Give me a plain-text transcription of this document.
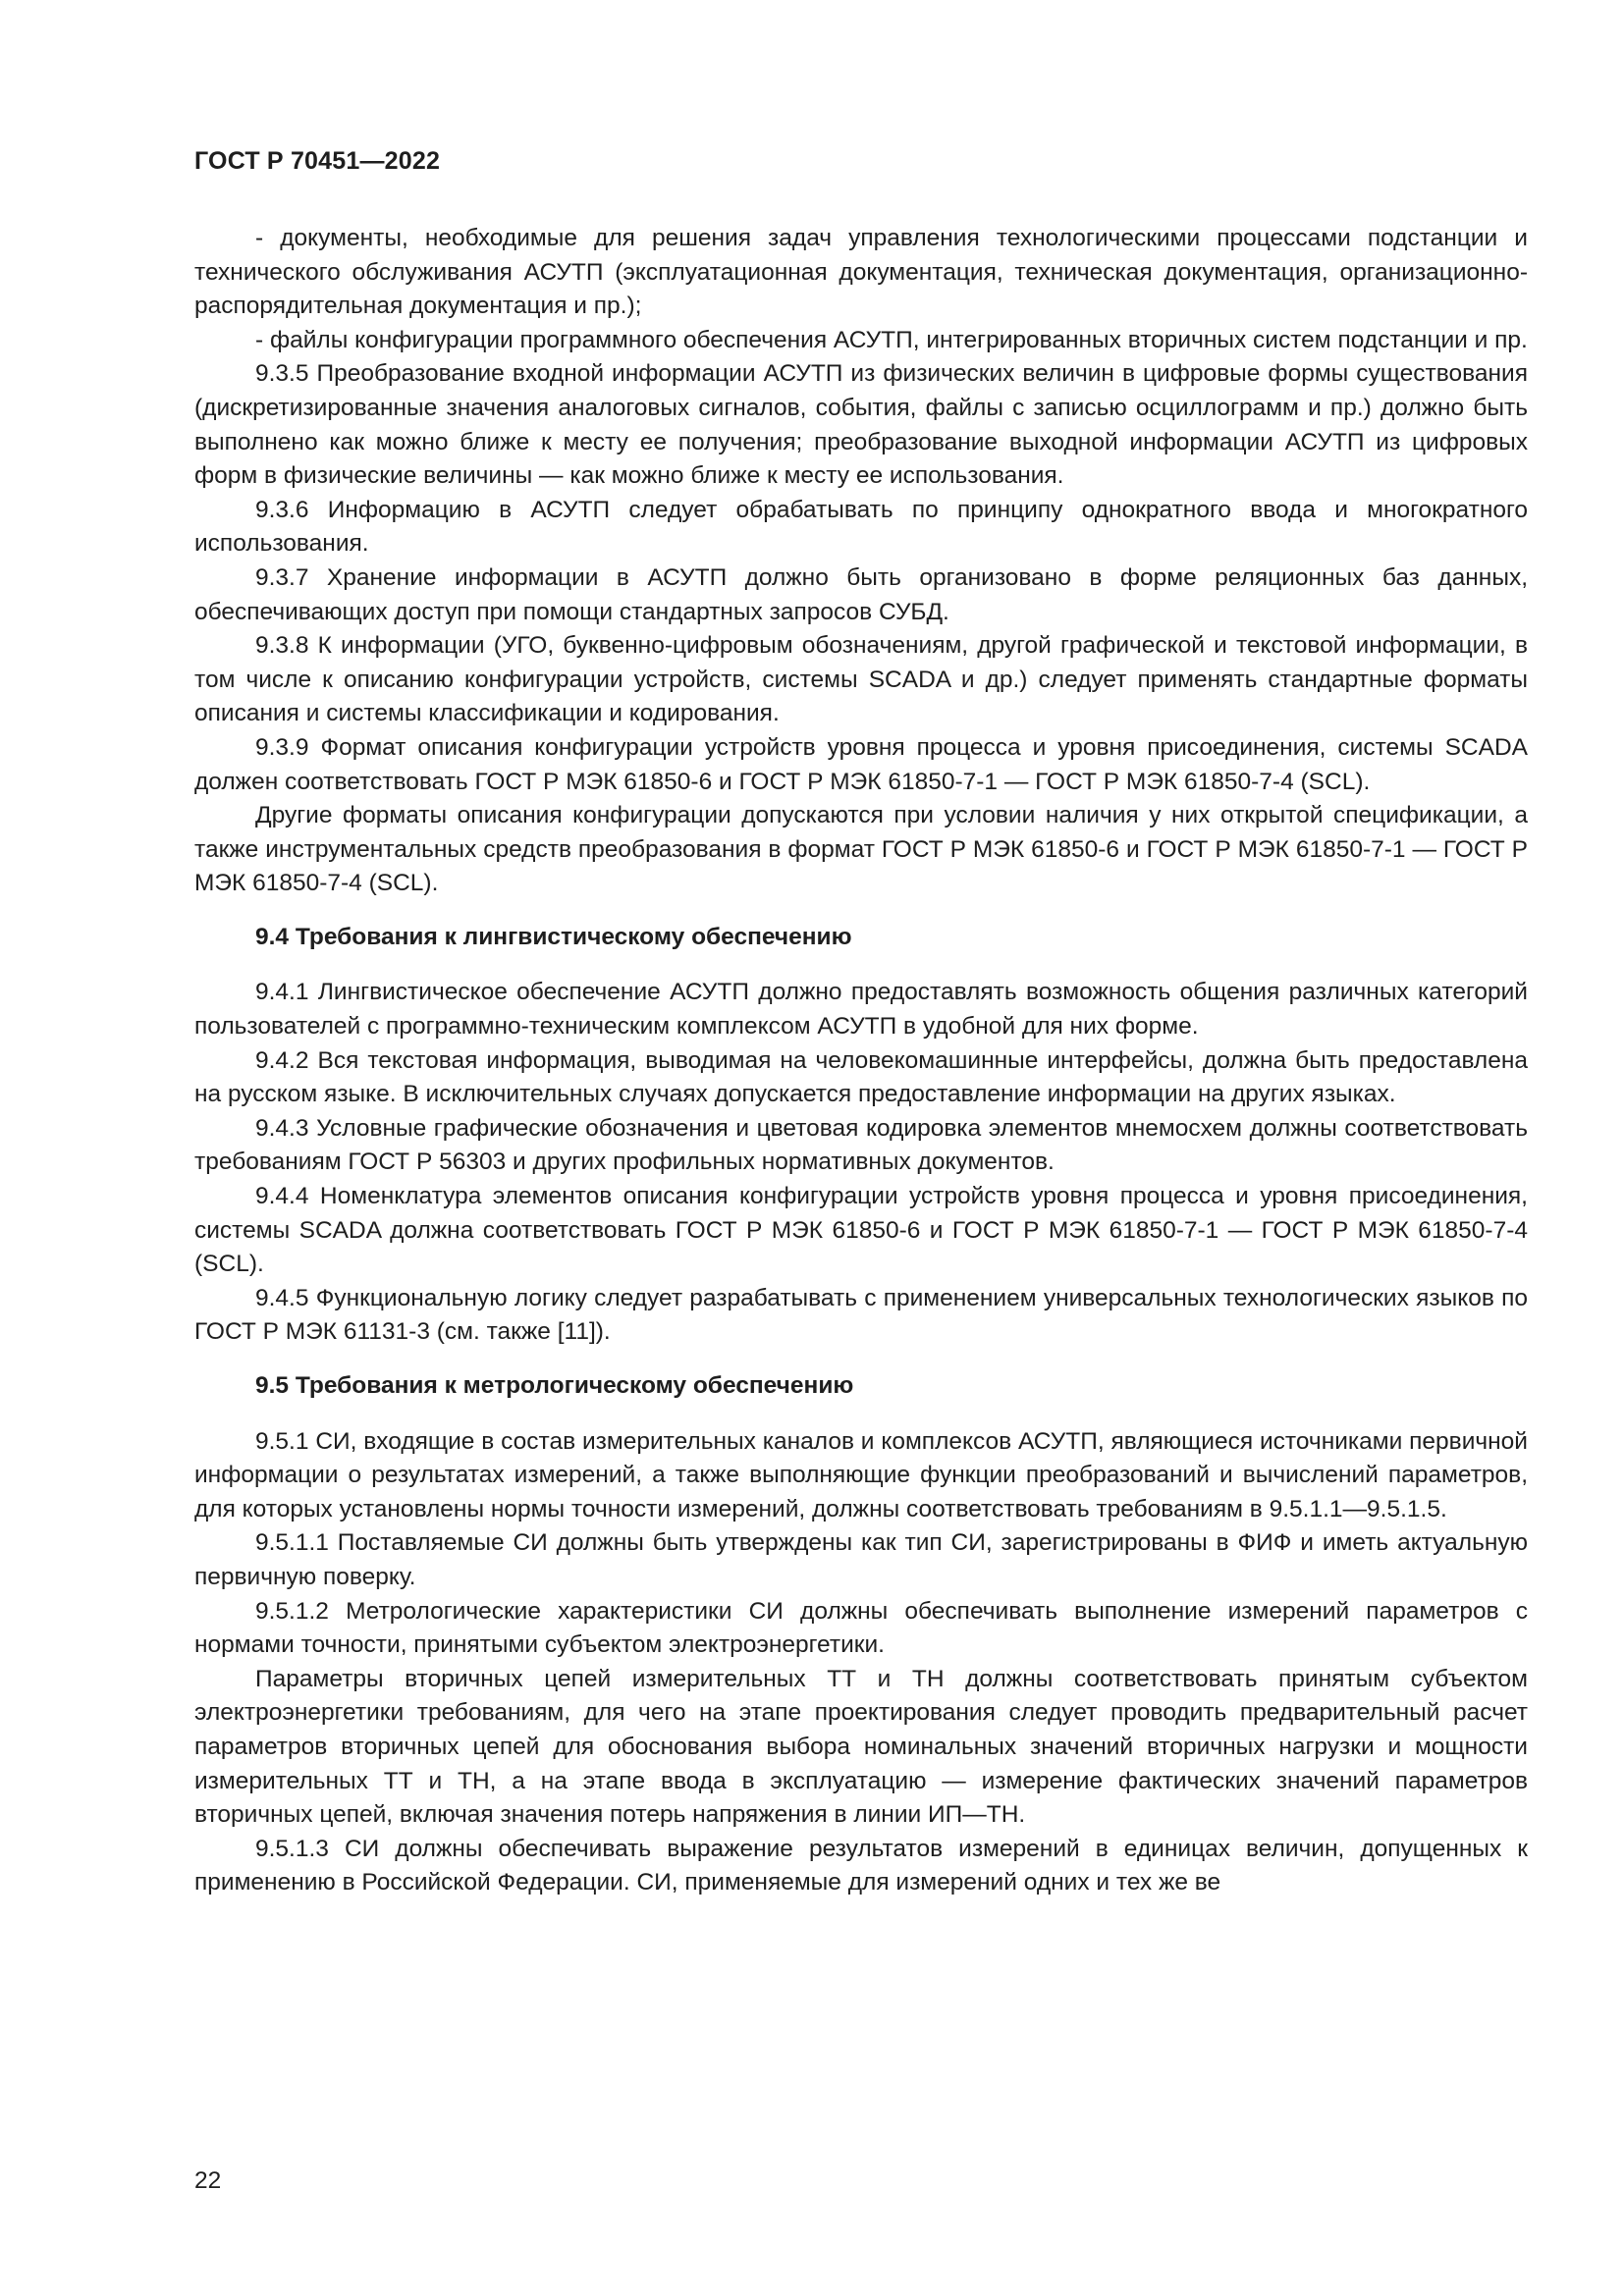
ГОСТ Р 70451—2022

- документы, необходимые для решения задач управления технологическими процессами подстанции и технического обслуживания АСУТП (эксплуатационная документация, техническая документация, организационно-распорядительная документация и пр.);

- файлы конфигурации программного обеспечения АСУТП, интегрированных вторичных систем подстанции и пр.

9.3.5 Преобразование входной информации АСУТП из физических величин в цифровые формы существования (дискретизированные значения аналоговых сигналов, события, файлы с записью осциллограмм и пр.) должно быть выполнено как можно ближе к месту ее получения; преобразование выходной информации АСУТП из цифровых форм в физические величины — как можно ближе к месту ее использования.

9.3.6 Информацию в АСУТП следует обрабатывать по принципу однократного ввода и многократного использования.

9.3.7 Хранение информации в АСУТП должно быть организовано в форме реляционных баз данных, обеспечивающих доступ при помощи стандартных запросов СУБД.

9.3.8 К информации (УГО, буквенно-цифровым обозначениям, другой графической и текстовой информации, в том числе к описанию конфигурации устройств, системы SCADA и др.) следует применять стандартные форматы описания и системы классификации и кодирования.

9.3.9 Формат описания конфигурации устройств уровня процесса и уровня присоединения, системы SCADA должен соответствовать ГОСТ Р МЭК 61850-6 и ГОСТ Р МЭК 61850-7-1 — ГОСТ Р МЭК 61850-7-4 (SCL).

Другие форматы описания конфигурации допускаются при условии наличия у них открытой спецификации, а также инструментальных средств преобразования в формат ГОСТ Р МЭК 61850-6 и ГОСТ Р МЭК 61850-7-1 — ГОСТ Р МЭК 61850-7-4 (SCL).

9.4 Требования к лингвистическому обеспечению

9.4.1 Лингвистическое обеспечение АСУТП должно предоставлять возможность общения различных категорий пользователей с программно-техническим комплексом АСУТП в удобной для них форме.

9.4.2 Вся текстовая информация, выводимая на человекомашинные интерфейсы, должна быть предоставлена на русском языке. В исключительных случаях допускается предоставление информации на других языках.

9.4.3 Условные графические обозначения и цветовая кодировка элементов мнемосхем должны соответствовать требованиям ГОСТ Р 56303 и других профильных нормативных документов.

9.4.4 Номенклатура элементов описания конфигурации устройств уровня процесса и уровня присоединения, системы SCADA должна соответствовать ГОСТ Р МЭК 61850-6 и ГОСТ Р МЭК 61850-7-1 — ГОСТ Р МЭК 61850-7-4 (SCL).

9.4.5 Функциональную логику следует разрабатывать с применением универсальных технологических языков по ГОСТ Р МЭК 61131-3 (см. также [11]).

9.5 Требования к метрологическому обеспечению

9.5.1 СИ, входящие в состав измерительных каналов и комплексов АСУТП, являющиеся источниками первичной информации о результатах измерений, а также выполняющие функции преобразований и вычислений параметров, для которых установлены нормы точности измерений, должны соответствовать требованиям в 9.5.1.1—9.5.1.5.

9.5.1.1 Поставляемые СИ должны быть утверждены как тип СИ, зарегистрированы в ФИФ и иметь актуальную первичную поверку.

9.5.1.2 Метрологические характеристики СИ должны обеспечивать выполнение измерений параметров с нормами точности, принятыми субъектом электроэнергетики.

Параметры вторичных цепей измерительных ТТ и ТН должны соответствовать принятым субъектом электроэнергетики требованиям, для чего на этапе проектирования следует проводить предварительный расчет параметров вторичных цепей для обоснования выбора номинальных значений вторичных нагрузки и мощности измерительных ТТ и ТН, а на этапе ввода в эксплуатацию — измерение фактических значений параметров вторичных цепей, включая значения потерь напряжения в линии ИП—ТН.

9.5.1.3 СИ должны обеспечивать выражение результатов измерений в единицах величин, допущенных к применению в Российской Федерации. СИ, применяемые для измерений одних и тех же ве

22
